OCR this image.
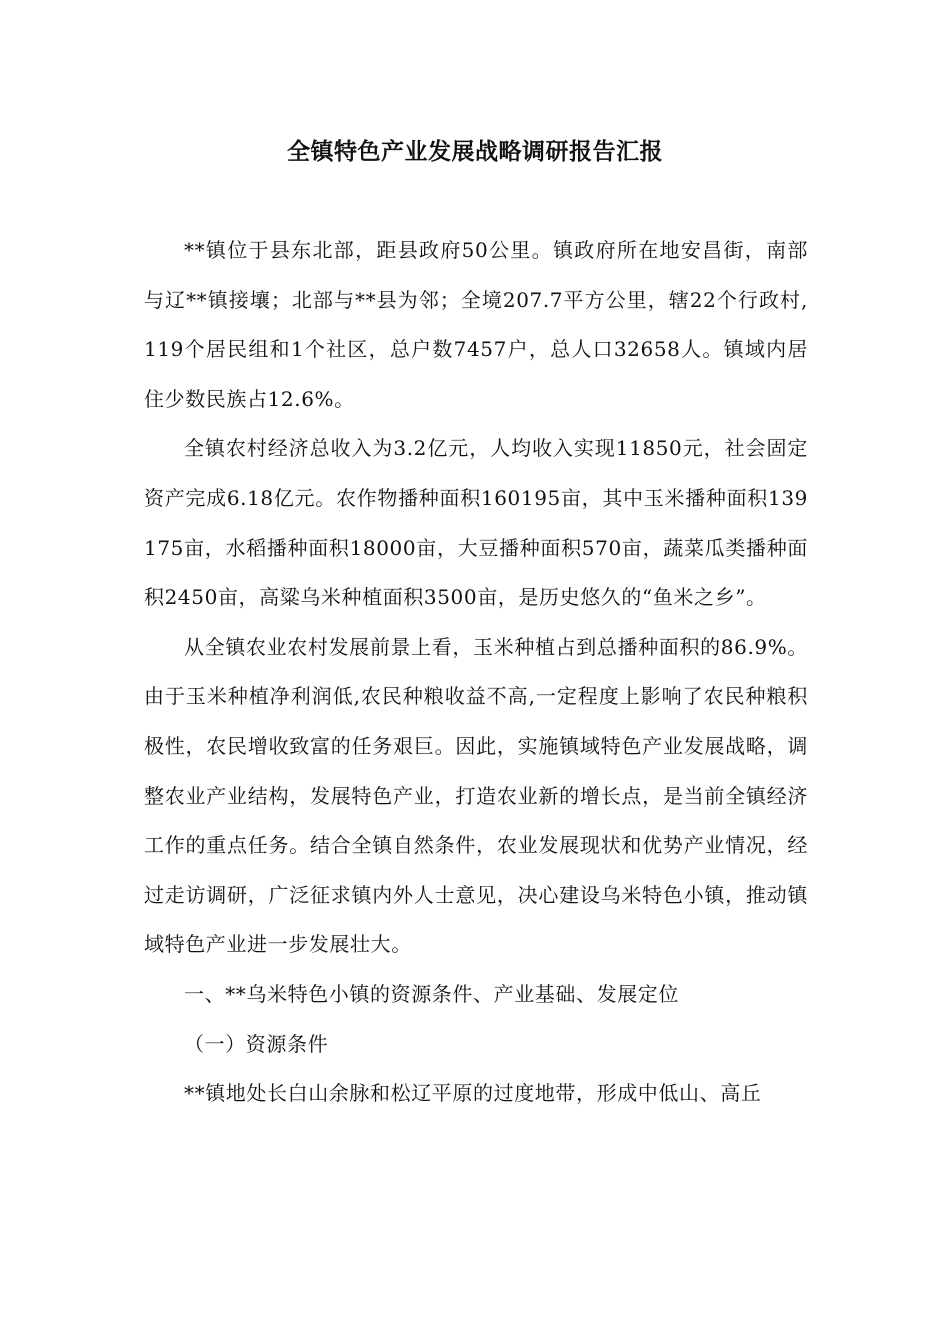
全镇特色产业发展战略调研报告汇报

**镇位于县东北部，距县政府50公里。镇政府所在地安昌街，南部与辽**镇接壤；北部与**县为邻；全境207.7平方公里，辖22个行政村,119个居民组和1个社区，总户数7457户，总人口32658人。镇域内居住少数民族占12.6%。

全镇农村经济总收入为3.2亿元，人均收入实现11850元，社会固定资产完成6.18亿元。农作物播种面积160195亩，其中玉米播种面积139175亩，水稻播种面积18000亩，大豆播种面积570亩，蔬菜瓜类播种面积2450亩，高粱乌米种植面积3500亩，是历史悠久的“鱼米之乡”。

从全镇农业农村发展前景上看，玉米种植占到总播种面积的86.9%。由于玉米种植净利润低,农民种粮收益不高,一定程度上影响了农民种粮积极性，农民增收致富的任务艰巨。因此，实施镇域特色产业发展战略，调整农业产业结构，发展特色产业，打造农业新的增长点，是当前全镇经济工作的重点任务。结合全镇自然条件，农业发展现状和优势产业情况，经过走访调研，广泛征求镇内外人士意见，决心建设乌米特色小镇，推动镇域特色产业进一步发展壮大。

一、**乌米特色小镇的资源条件、产业基础、发展定位

（一）资源条件

**镇地处长白山余脉和松辽平原的过度地带，形成中低山、高丘
